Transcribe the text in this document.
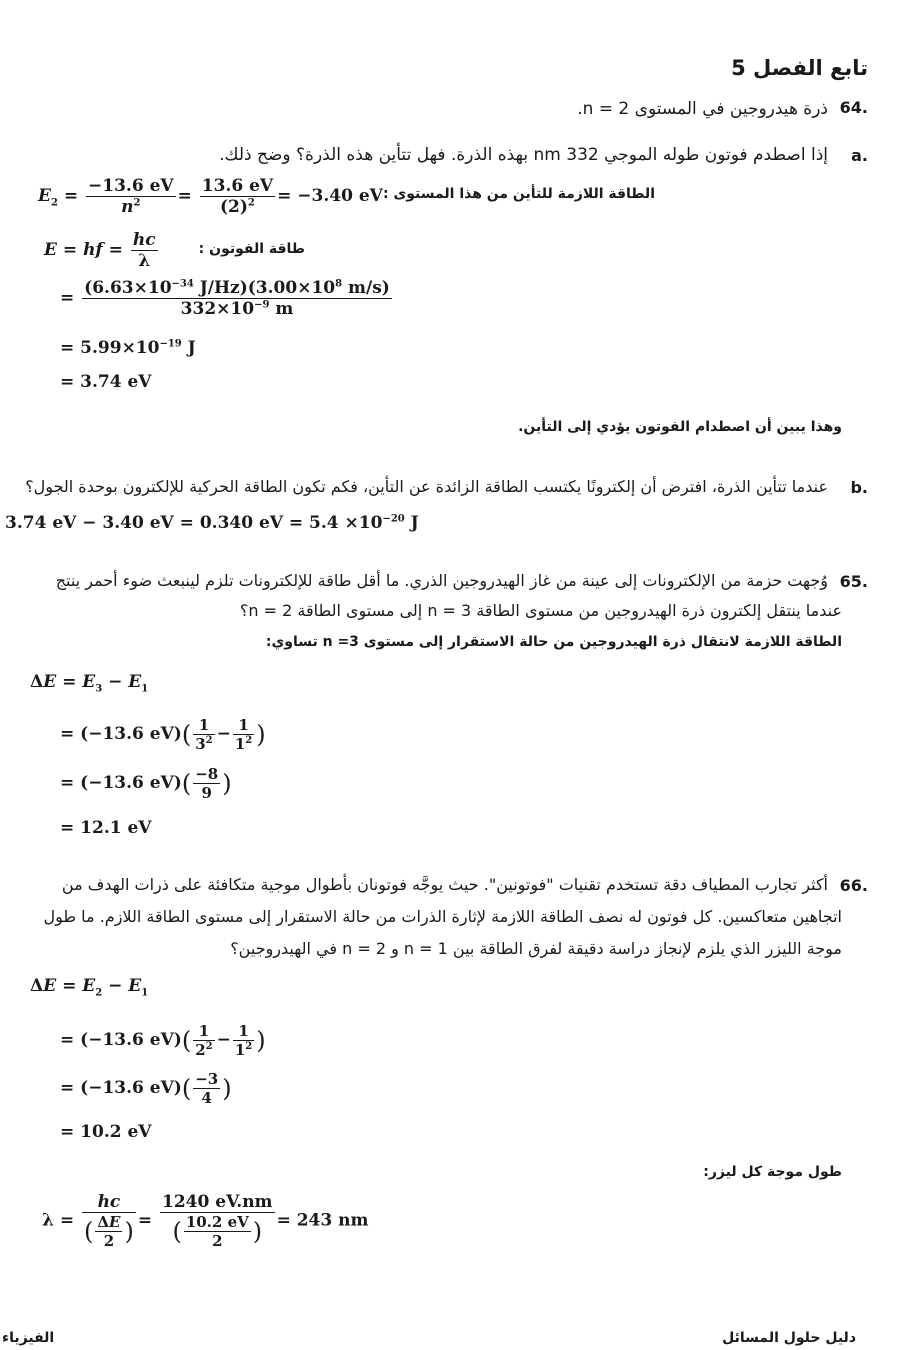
تابع الفصل 5
64.
ذرة هيدروجين في المستوى n = 2.
a.
إذا اصطدم فوتون طوله الموجي 332 nm بهذه الذرة. فهل تتأين هذه الذرة؟ وضح ذلك.
الطاقة اللازمة للتأين من هذا المستوى :
$E_2 = \frac{-13.6 eV}{n^2} = \frac{13.6 eV}{(2)^2} = -3.40$ eV
طاقة الفوتون :
E = hf = $\frac{hc}{\lambda}$
= $\frac{(6.63\times 10^{-34} J/Hz)(3.00\times 10^8 m/s)}{332\times 10^{-9} m}$
= $5.99\times 10^{-19}$ J
= 3.74 eV
وهذا يبين أن اصطدام الفوتون يؤدي إلى التأين.
b.
عندما تتأين الذرة، افترض أن إلكترونًا يكتسب الطاقة الزائدة عن التأين، فكم تكون الطاقة الحركية للإلكترون بوحدة الجول؟
3.74 eV − 3.40 eV = 0.340 eV = $5.4 \times 10^{-20}$ J
65.
وُجهت حزمة من الإلكترونات إلى عينة من غاز الهيدروجين الذري. ما أقل طاقة للإلكترونات تلزم لينبعث ضوء أحمر ينتج
عندما ينتقل إلكترون ذرة الهيدروجين من مستوى الطاقة n = 3 إلى مستوى الطاقة n = 2؟
الطاقة اللازمة لانتقال ذرة الهيدروجين من حالة الاستقرار إلى مستوى n =3 تساوي:
$\Delta E = E_3 - E_1$
= (−13.6 $eV)( \frac{1}{3^2} - \frac{1}{1^2}$ )
= (−13.6 $eV)( \frac{-8}{9}$ )
= 12.1 eV
66.
أكثر تجارب المطياف دقة تستخدم تقنيات "فوتونين". حيث يوجَّه فوتونان بأطوال موجية متكافئة على ذرات الهدف من
اتجاهين متعاكسين. كل فوتون له نصف الطاقة اللازمة لإثارة الذرات من حالة الاستقرار إلى مستوى الطاقة اللازم. ما طول
موجة الليزر الذي يلزم لإنجاز دراسة دقيقة لفرق الطاقة بين n = 1 و n = 2 في الهيدروجين؟
$\Delta E = E_2 - E_1$
= (−13.6 $eV)( \frac{1}{2^2} - \frac{1}{1^2}$ )
= (−13.6 $eV)( \frac{-3}{4}$ )
= 10.2 eV
طول موجة كل ليزر:
$\lambda = \frac{hc}{( \frac{\Delta E}{2} )} = \frac{1240 eV.nm}{( \frac{10.2 eV}{2} )} = 243$ nm
دليل حلول المسائل
الفيزياء
